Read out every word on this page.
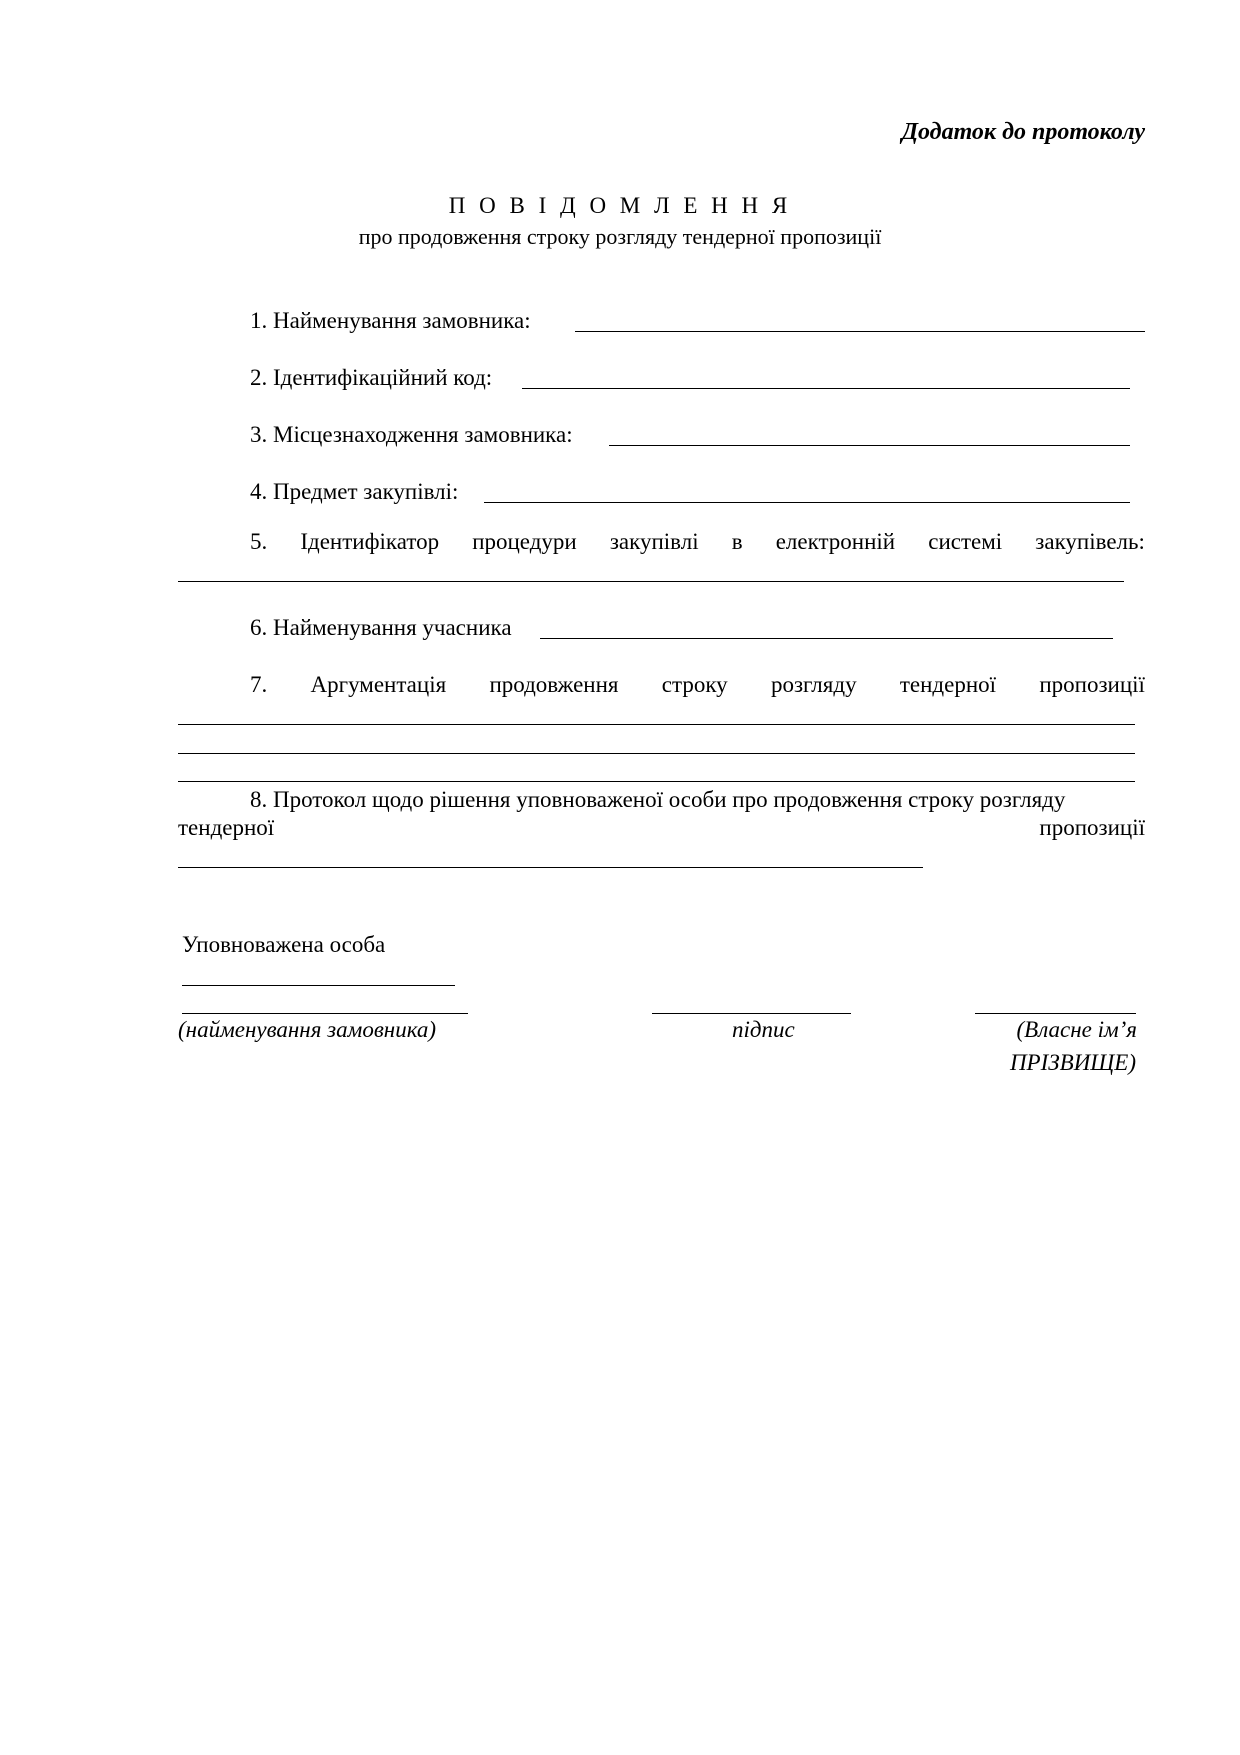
Додаток до протоколу
П О В І Д О М Л Е Н Н Я
про продовження строку розгляду тендерної пропозиції
1. Найменування замовника:
2. Ідентифікаційний код:
3. Місцезнаходження замовника:
4. Предмет закупівлі:
5. Ідентифікатор процедури закупівлі в електронній системі закупівель:
6. Найменування учасника
7. Аргументація продовження строку розгляду тендерної пропозиції
8. Протокол щодо рішення уповноваженої особи про продовження строку розгляду
тендерної	пропозиції
Уповноважена особа
(найменування замовника)	підпис	(Власне ім’я
ПРІЗВИЩЕ)
